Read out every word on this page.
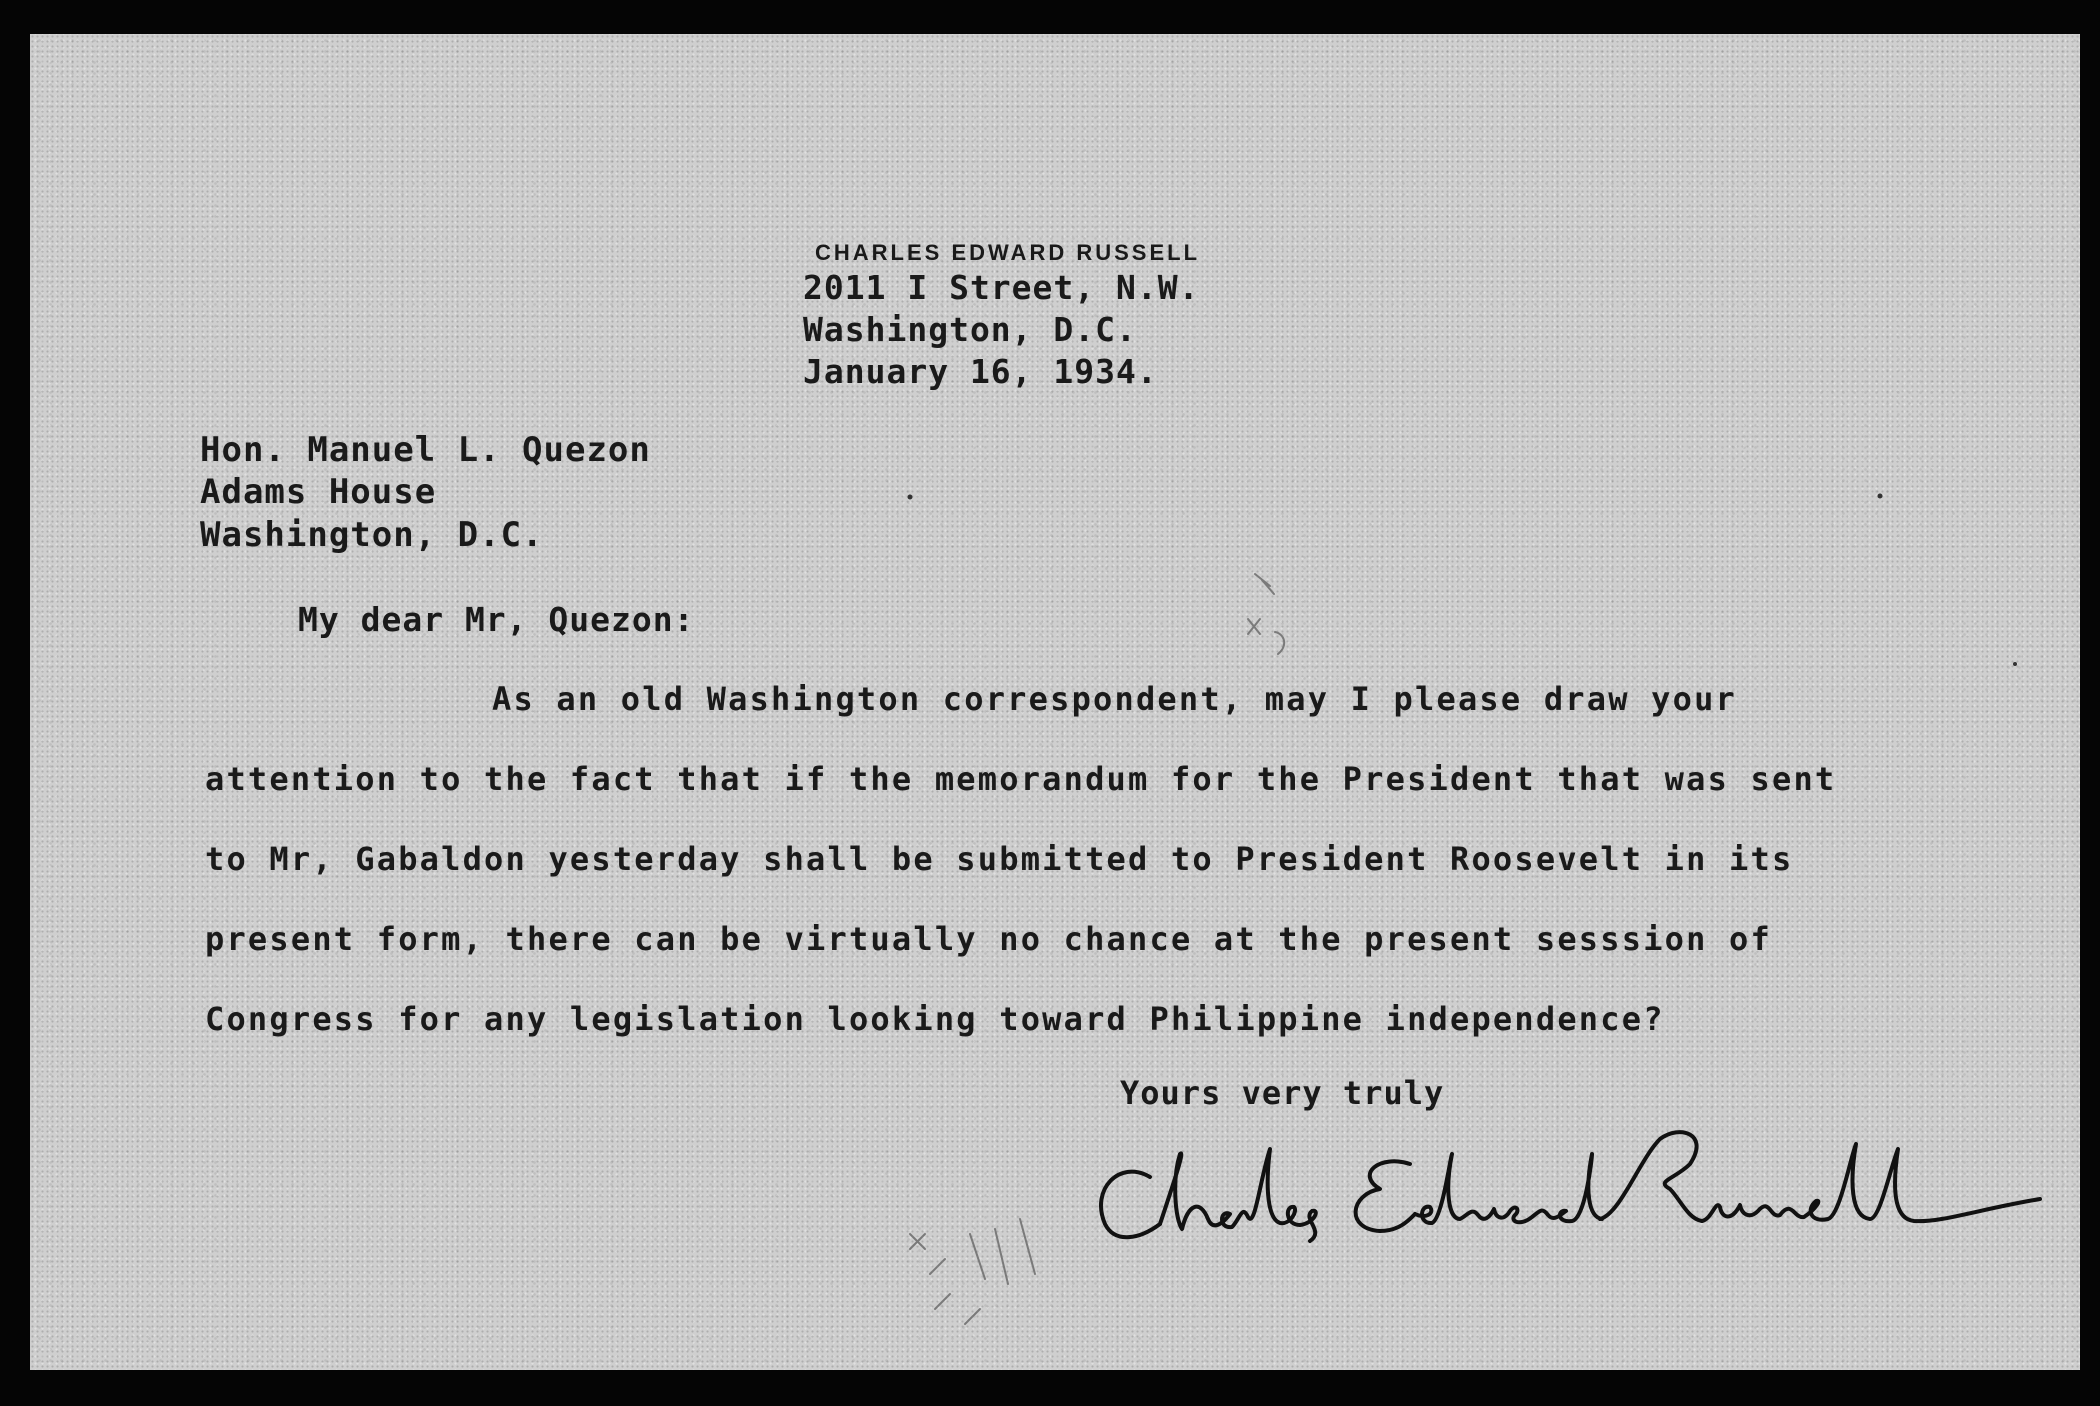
CHARLES EDWARD RUSSELL
2011 I Street, N.W.
Washington, D.C.
January 16, 1934.
Hon. Manuel L. Quezon
Adams House
Washington, D.C.
My dear Mr, Quezon:
As an old Washington correspondent, may I please draw your
attention to the fact that if the memorandum for the President that was sent
to Mr, Gabaldon yesterday shall be submitted to President Roosevelt in its
present form, there can be virtually no chance at the present sesssion of
Congress for any legislation looking toward Philippine independence?
Yours very truly
